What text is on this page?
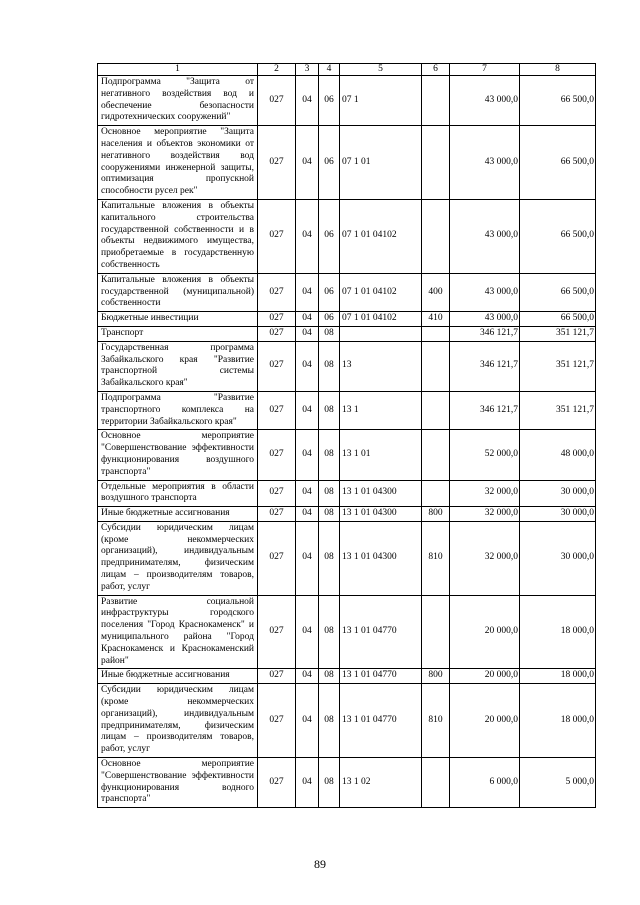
1	2	3	4	5	6	7	8
Подпрограмма "Защита от негативного воздействия вод и обеспечение безопасности гидротехнических сооружений"	027	04	06	07 1		43 000,0	66 500,0
Основное мероприятие "Защита населения и объектов экономики от негативного воздействия вод сооружениями инженерной защиты, оптимизация пропускной способности русел рек"	027	04	06	07 1 01		43 000,0	66 500,0
Капитальные вложения в объекты капитального строительства государственной собственности и в объекты недвижимого имущества, приобретаемые в государственную собственность	027	04	06	07 1 01 04102		43 000,0	66 500,0
Капитальные вложения в объекты государственной (муниципальной) собственности	027	04	06	07 1 01 04102	400	43 000,0	66 500,0
Бюджетные инвестиции	027	04	06	07 1 01 04102	410	43 000,0	66 500,0
Транспорт	027	04	08			346 121,7	351 121,7
Государственная программа Забайкальского края "Развитие транспортной системы Забайкальского края"	027	04	08	13		346 121,7	351 121,7
Подпрограмма "Развитие транспортного комплекса на территории Забайкальского края"	027	04	08	13 1		346 121,7	351 121,7
Основное мероприятие "Совершенствование эффективности функционирования воздушного транспорта"	027	04	08	13 1 01		52 000,0	48 000,0
Отдельные мероприятия в области воздушного транспорта	027	04	08	13 1 01 04300		32 000,0	30 000,0
Иные бюджетные ассигнования	027	04	08	13 1 01 04300	800	32 000,0	30 000,0
Субсидии юридическим лицам (кроме некоммерческих организаций), индивидуальным предпринимателям, физическим лицам – производителям товаров, работ, услуг	027	04	08	13 1 01 04300	810	32 000,0	30 000,0
Развитие социальной инфраструктуры городского поселения "Город Краснокаменск" и муниципального района "Город Краснокаменск и Краснокаменский район"	027	04	08	13 1 01 04770		20 000,0	18 000,0
Иные бюджетные ассигнования	027	04	08	13 1 01 04770	800	20 000,0	18 000,0
Субсидии юридическим лицам (кроме некоммерческих организаций), индивидуальным предпринимателям, физическим лицам – производителям товаров, работ, услуг	027	04	08	13 1 01 04770	810	20 000,0	18 000,0
Основное мероприятие "Совершенствование эффективности функционирования водного транспорта"	027	04	08	13 1 02		6 000,0	5 000,0
89
